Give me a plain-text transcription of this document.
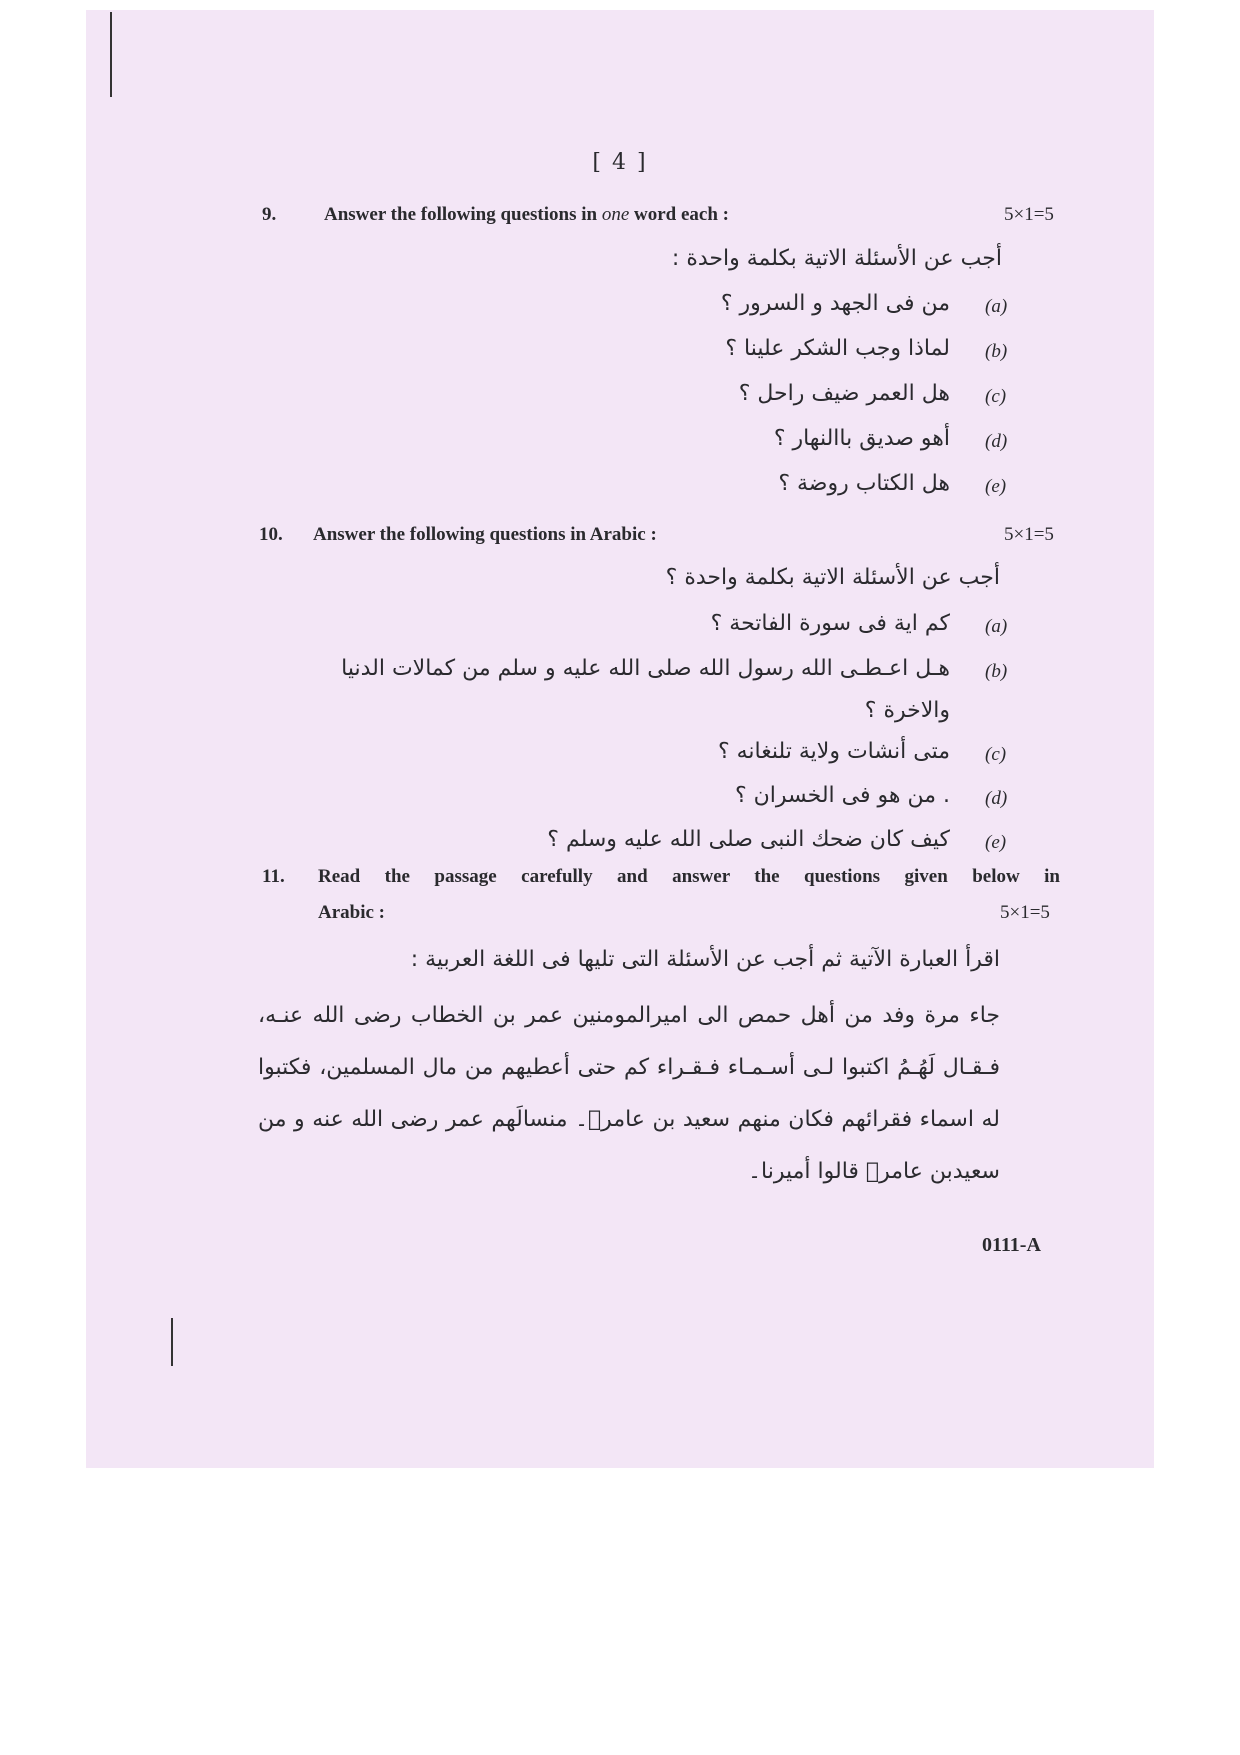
[ 4 ]
9.	Answer the following questions in one word each :	5×1=5
أجب عن الأسئلة الاتية بكلمة واحدة :
(a)
من فى الجهد و السرور ؟
(b)
لماذا وجب الشكر علينا ؟
(c)
هل العمر ضيف راحل ؟
(d)
أهو صديق باالنهار ؟
(e)
هل الكتاب روضة ؟
10. Answer the following questions in Arabic :	5×1=5
أجب عن الأسئلة الاتية بكلمة واحدة ؟
(a)
كم اية فى سورة الفاتحة ؟
(b)
هـل اعـطـى الله رسول الله صلى الله عليه و سلم من كمالات الدنيا
والاخرة ؟
(c)
متى أنشات ولاية تلنغانه ؟
(d)
. من هو فى الخسران ؟
(e)
كيف كان ضحك النبى صلى الله عليه وسلم ؟
11. Read the passage carefully and answer the questions given below in
Arabic :	5×1=5
اقرأ العبارة الآتية ثم أجب عن الأسئلة التى تليها فى اللغة العربية :
جاء مرة وفد من أهل حمص الى اميرالمومنين عمر بن الخطاب رضى الله عنـه، فـقـال لَهُـمُ اكتبوا لـى أسـمـاء فـقـراء كم حتى أعطيهم من مال المسلمين، فكتبوا له اسماء فقرائهم فكان منهم سعيد بن عامرؓ۔ منسالَهم عمر رضى الله عنه و من سعيدبن عامرؓ قالوا أميرنا۔
0111-A
